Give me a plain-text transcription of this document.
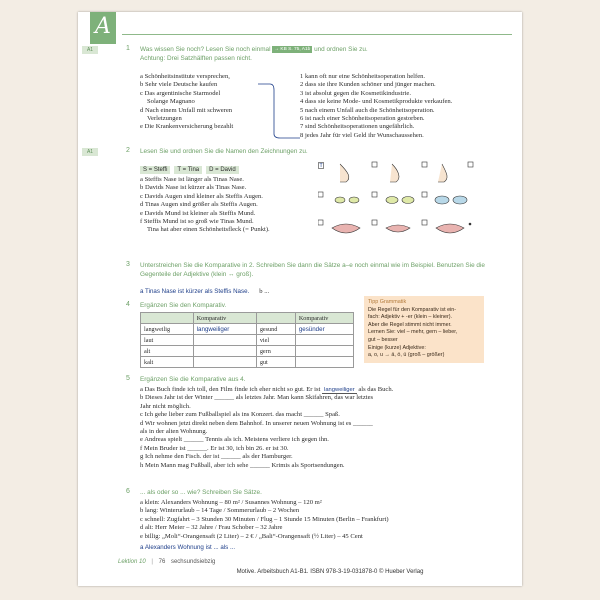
A
A1	1 Was wissen Sie noch? Lesen Sie noch einmal → KB S. 75, A1b und ordnen Sie zu.
Achtung: Drei Satzhälften passen nicht.
a Schönheitsinstitute versprechen,
b Sehr viele Deutsche kaufen
c Das argentinische Starmodel
Solange Magnano
d Nach einem Unfall mit schweren
Verletzungen
e Die Krankenversicherung bezahlt
1 kann oft nur eine Schönheitsoperation helfen.
2 dass sie ihre Kunden schöner und jünger machen.
3 ist absolut gegen die Kosmetikindustrie.
4 dass sie keine Mode- und Kosmetikprodukte verkaufen.
5 nach einem Unfall auch die Schönheitsoperation.
6 ist nach einer Schönheitsoperation gestorben.
7 sind Schönheitsoperationen ungefährlich.
8 jedes Jahr für viel Geld ihr Wunschaussehen.
A1	2 Lesen Sie und ordnen Sie die Namen den Zeichnungen zu.
S = Steffi T = Tina D = David
a Steffis Nase ist länger als Tinas Nase.
b Davids Nase ist kürzer als Tinas Nase.
c Davids Augen sind kleiner als Steffis Augen.
d Tinas Augen sind größer als Steffis Augen.
e Davids Mund ist kleiner als Steffis Mund.
f Steffis Mund ist so groß wie Tinas Mund.
Tina hat aber einen Schönheitsfleck (= Punkt).
T
3 Unterstreichen Sie die Komparative in 2. Schreiben Sie dann die Sätze a–e noch einmal wie im Beispiel. Benutzen Sie die Gegenteile der Adjektive (klein ↔ groß).
a Tinas Nase ist kürzer als Steffis Nase. b ...
4 Ergänzen Sie den Komparativ.
	Komparativ		Komparativ
langweilig	langweiliger	gesund	gesünder
laut		viel	
alt		gern	
kalt		gut	
Tipp Grammatik
Die Regel für den Komparativ ist ein-
fach: Adjektiv + -er (klein – kleiner).
Aber die Regel stimmt nicht immer.
Lernen Sie: viel – mehr, gern – lieber,
gut – besser
Einige (kurze) Adjektive:
a, o, u → ä, ö, ü (groß – größer)
5 Ergänzen Sie die Komparative aus 4.
a Das Buch finde ich toll, den Film finde ich eher nicht so gut. Er ist langweiliger als das Buch.
b Dieses Jahr ist der Winter ______ als letztes Jahr. Man kann Skifahren, das war letztes
Jahr nicht möglich.
c Ich gehe lieber zum Fußballspiel als ins Konzert. das macht ______ Spaß.
d Wir wohnen jetzt direkt neben dem Bahnhof. In unserer neuen Wohnung ist es ______
als in der alten Wohnung.
e Andreas spielt ______ Tennis als ich. Meistens verliere ich gegen ihn.
f Mein Bruder ist ______. Er ist 30, ich bin 26. er ist 30.
g Ich nehme den Fisch. der ist ______ als der Hamburger.
h Mein Mann mag Fußball, aber ich sehe ______ Krimis als Sportsendungen.
6 ... als oder so ... wie? Schreiben Sie Sätze.
a klein: Alexanders Wohnung – 80 m² / Susannes Wohnung – 120 m²
b lang: Winterurlaub – 14 Tage / Sommerurlaub – 2 Wochen
c schnell: Zugfahrt – 3 Stunden 30 Minuten / Flug – 1 Stunde 15 Minuten (Berlin – Frankfurt)
d alt: Herr Meier – 32 Jahre / Frau Schober – 32 Jahre
e billig: „Moli“-Orangensaft (2 Liter) – 2 € / „Bali“-Orangensaft (½ Liter) – 45 Cent
a Alexanders Wohnung ist ... als ...
Lektion 10 | 76 sechsundsiebzig
Motive. Arbeitsbuch A1-B1. ISBN 978-3-19-031878-0 © Hueber Verlag
